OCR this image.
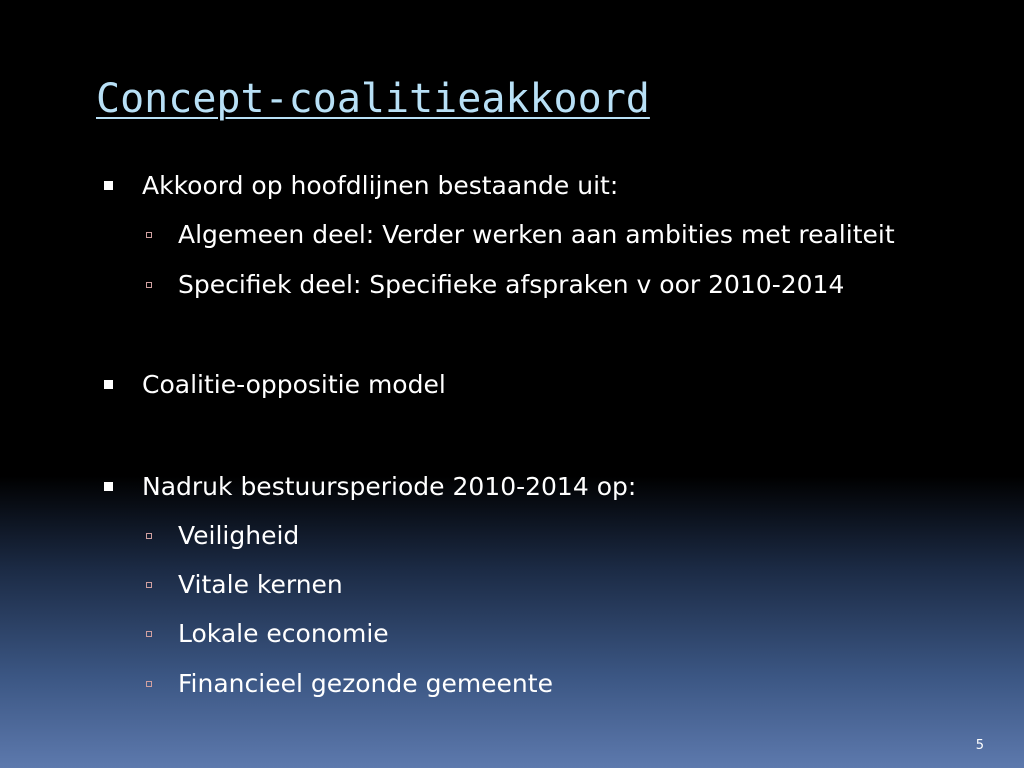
Concept-coalitieakkoord
Akkoord op hoofdlijnen bestaande uit:
Algemeen deel: Verder werken aan ambities met realiteit
Specifiek deel: Specifieke afspraken v oor 2010-2014
Coalitie-oppositie model
Nadruk bestuursperiode 2010-2014 op:
Veiligheid
Vitale kernen
Lokale economie
Financieel gezonde gemeente
5
